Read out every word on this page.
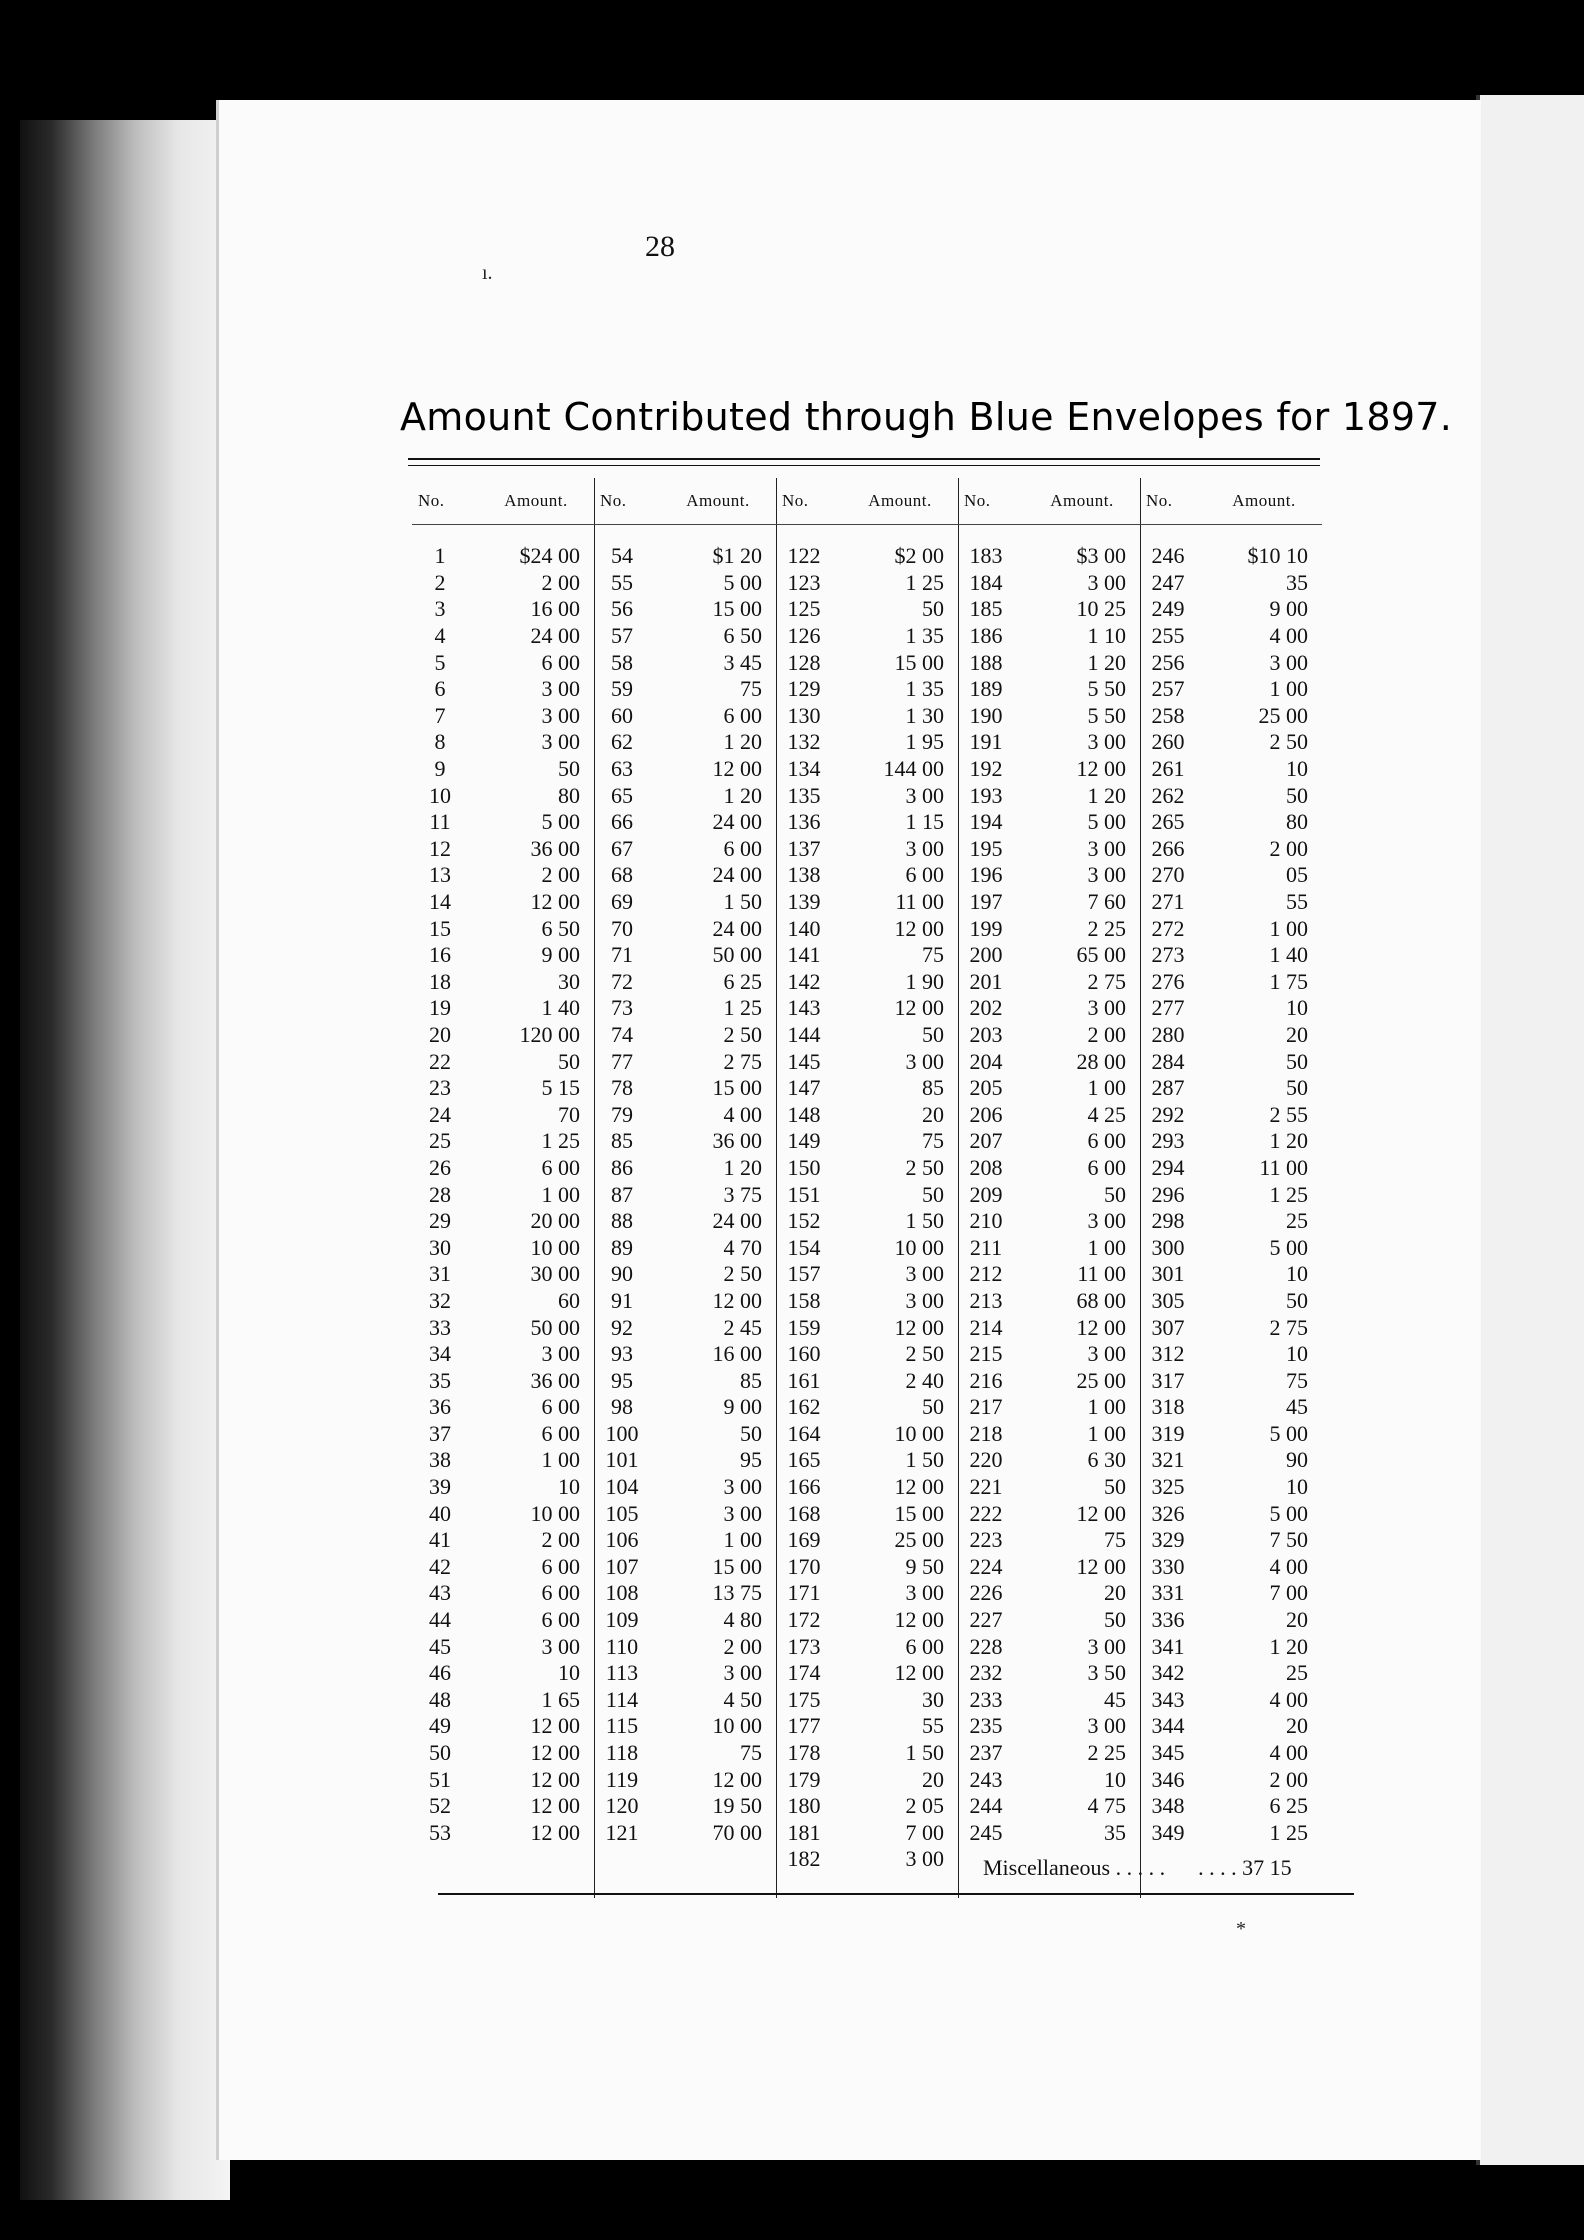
28
Amount Contributed through Blue Envelopes for 1897.
No.	Amount.
1	$24 00
2	2 00
3	16 00
4	24 00
5	6 00
6	3 00
7	3 00
8	3 00
9	50
10	80
11	5 00
12	36 00
13	2 00
14	12 00
15	6 50
16	9 00
18	30
19	1 40
20	120 00
22	50
23	5 15
24	70
25	1 25
26	6 00
28	1 00
29	20 00
30	10 00
31	30 00
32	60
33	50 00
34	3 00
35	36 00
36	6 00
37	6 00
38	1 00
39	10
40	10 00
41	2 00
42	6 00
43	6 00
44	6 00
45	3 00
46	10
48	1 65
49	12 00
50	12 00
51	12 00
52	12 00
53	12 00
No.	Amount.
54	$1 20
55	5 00
56	15 00
57	6 50
58	3 45
59	75
60	6 00
62	1 20
63	12 00
65	1 20
66	24 00
67	6 00
68	24 00
69	1 50
70	24 00
71	50 00
72	6 25
73	1 25
74	2 50
77	2 75
78	15 00
79	4 00
85	36 00
86	1 20
87	3 75
88	24 00
89	4 70
90	2 50
91	12 00
92	2 45
93	16 00
95	85
98	9 00
100	50
101	95
104	3 00
105	3 00
106	1 00
107	15 00
108	13 75
109	4 80
110	2 00
113	3 00
114	4 50
115	10 00
118	75
119	12 00
120	19 50
121	70 00
No.	Amount.
122	$2 00
123	1 25
125	50
126	1 35
128	15 00
129	1 35
130	1 30
132	1 95
134	144 00
135	3 00
136	1 15
137	3 00
138	6 00
139	11 00
140	12 00
141	75
142	1 90
143	12 00
144	50
145	3 00
147	85
148	20
149	75
150	2 50
151	50
152	1 50
154	10 00
157	3 00
158	3 00
159	12 00
160	2 50
161	2 40
162	50
164	10 00
165	1 50
166	12 00
168	15 00
169	25 00
170	9 50
171	3 00
172	12 00
173	6 00
174	12 00
175	30
177	55
178	1 50
179	20
180	2 05
181	7 00
182	3 00
No.	Amount.
183	$3 00
184	3 00
185	10 25
186	1 10
188	1 20
189	5 50
190	5 50
191	3 00
192	12 00
193	1 20
194	5 00
195	3 00
196	3 00
197	7 60
199	2 25
200	65 00
201	2 75
202	3 00
203	2 00
204	28 00
205	1 00
206	4 25
207	6 00
208	6 00
209	50
210	3 00
211	1 00
212	11 00
213	68 00
214	12 00
215	3 00
216	25 00
217	1 00
218	1 00
220	6 30
221	50
222	12 00
223	75
224	12 00
226	20
227	50
228	3 00
232	3 50
233	45
235	3 00
237	2 25
243	10
244	4 75
245	35
No.	Amount.
246	$10 10
247	35
249	9 00
255	4 00
256	3 00
257	1 00
258	25 00
260	2 50
261	10
262	50
265	80
266	2 00
270	05
271	55
272	1 00
273	1 40
276	1 75
277	10
280	20
284	50
287	50
292	2 55
293	1 20
294	11 00
296	1 25
298	25
300	5 00
301	10
305	50
307	2 75
312	10
317	75
318	45
319	5 00
321	90
325	10
326	5 00
329	7 50
330	4 00
331	7 00
336	20
341	1 20
342	25
343	4 00
344	20
345	4 00
346	2 00
348	6 25
349	1 25
Miscellaneous . . . . .      . . . . 37 15
ı.
*
